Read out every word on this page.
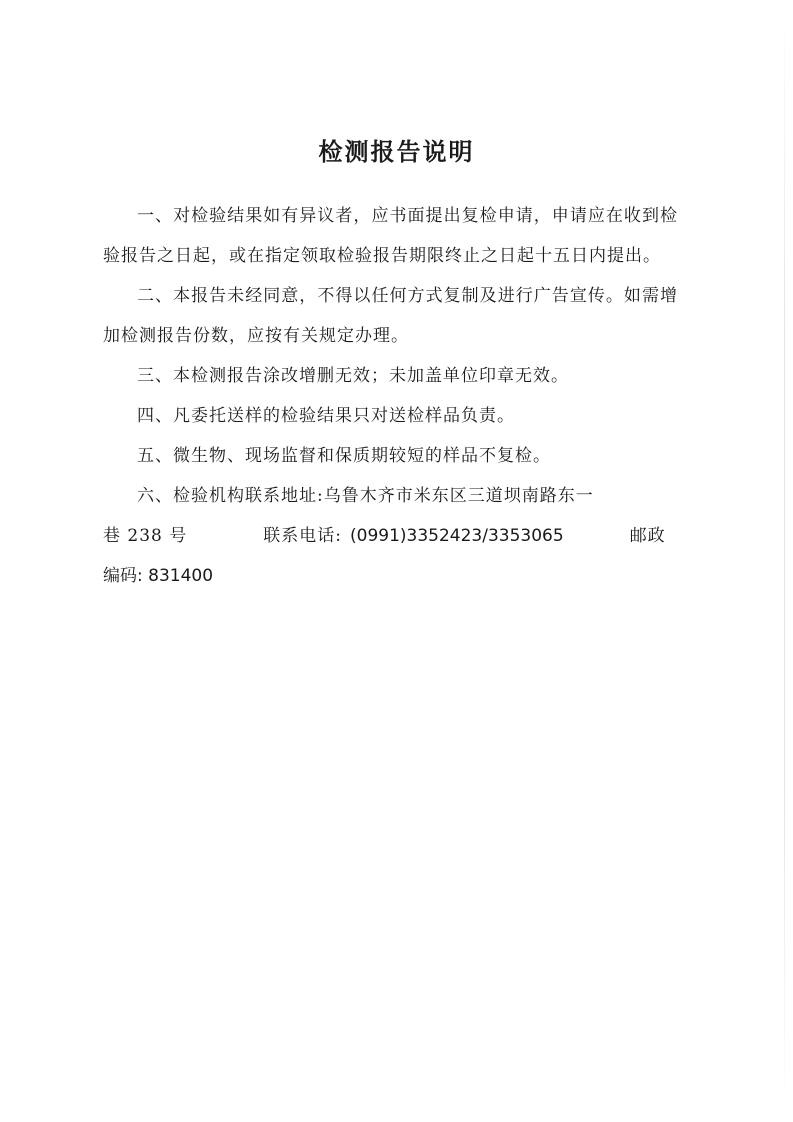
检测报告说明

一、对检验结果如有异议者，应书面提出复检申请，申请应在收到检验报告之日起，或在指定领取检验报告期限终止之日起十五日内提出。

二、本报告未经同意，不得以任何方式复制及进行广告宣传。如需增加检测报告份数，应按有关规定办理。

三、本检测报告涂改增删无效；未加盖单位印章无效。

四、凡委托送样的检验结果只对送检样品负责。

五、微生物、现场监督和保质期较短的样品不复检。

六、检验机构联系地址:乌鲁木齐市米东区三道坝南路东一

巷 238 号	联系电话: (0991)3352423/3353065	邮政
编码: 831400
